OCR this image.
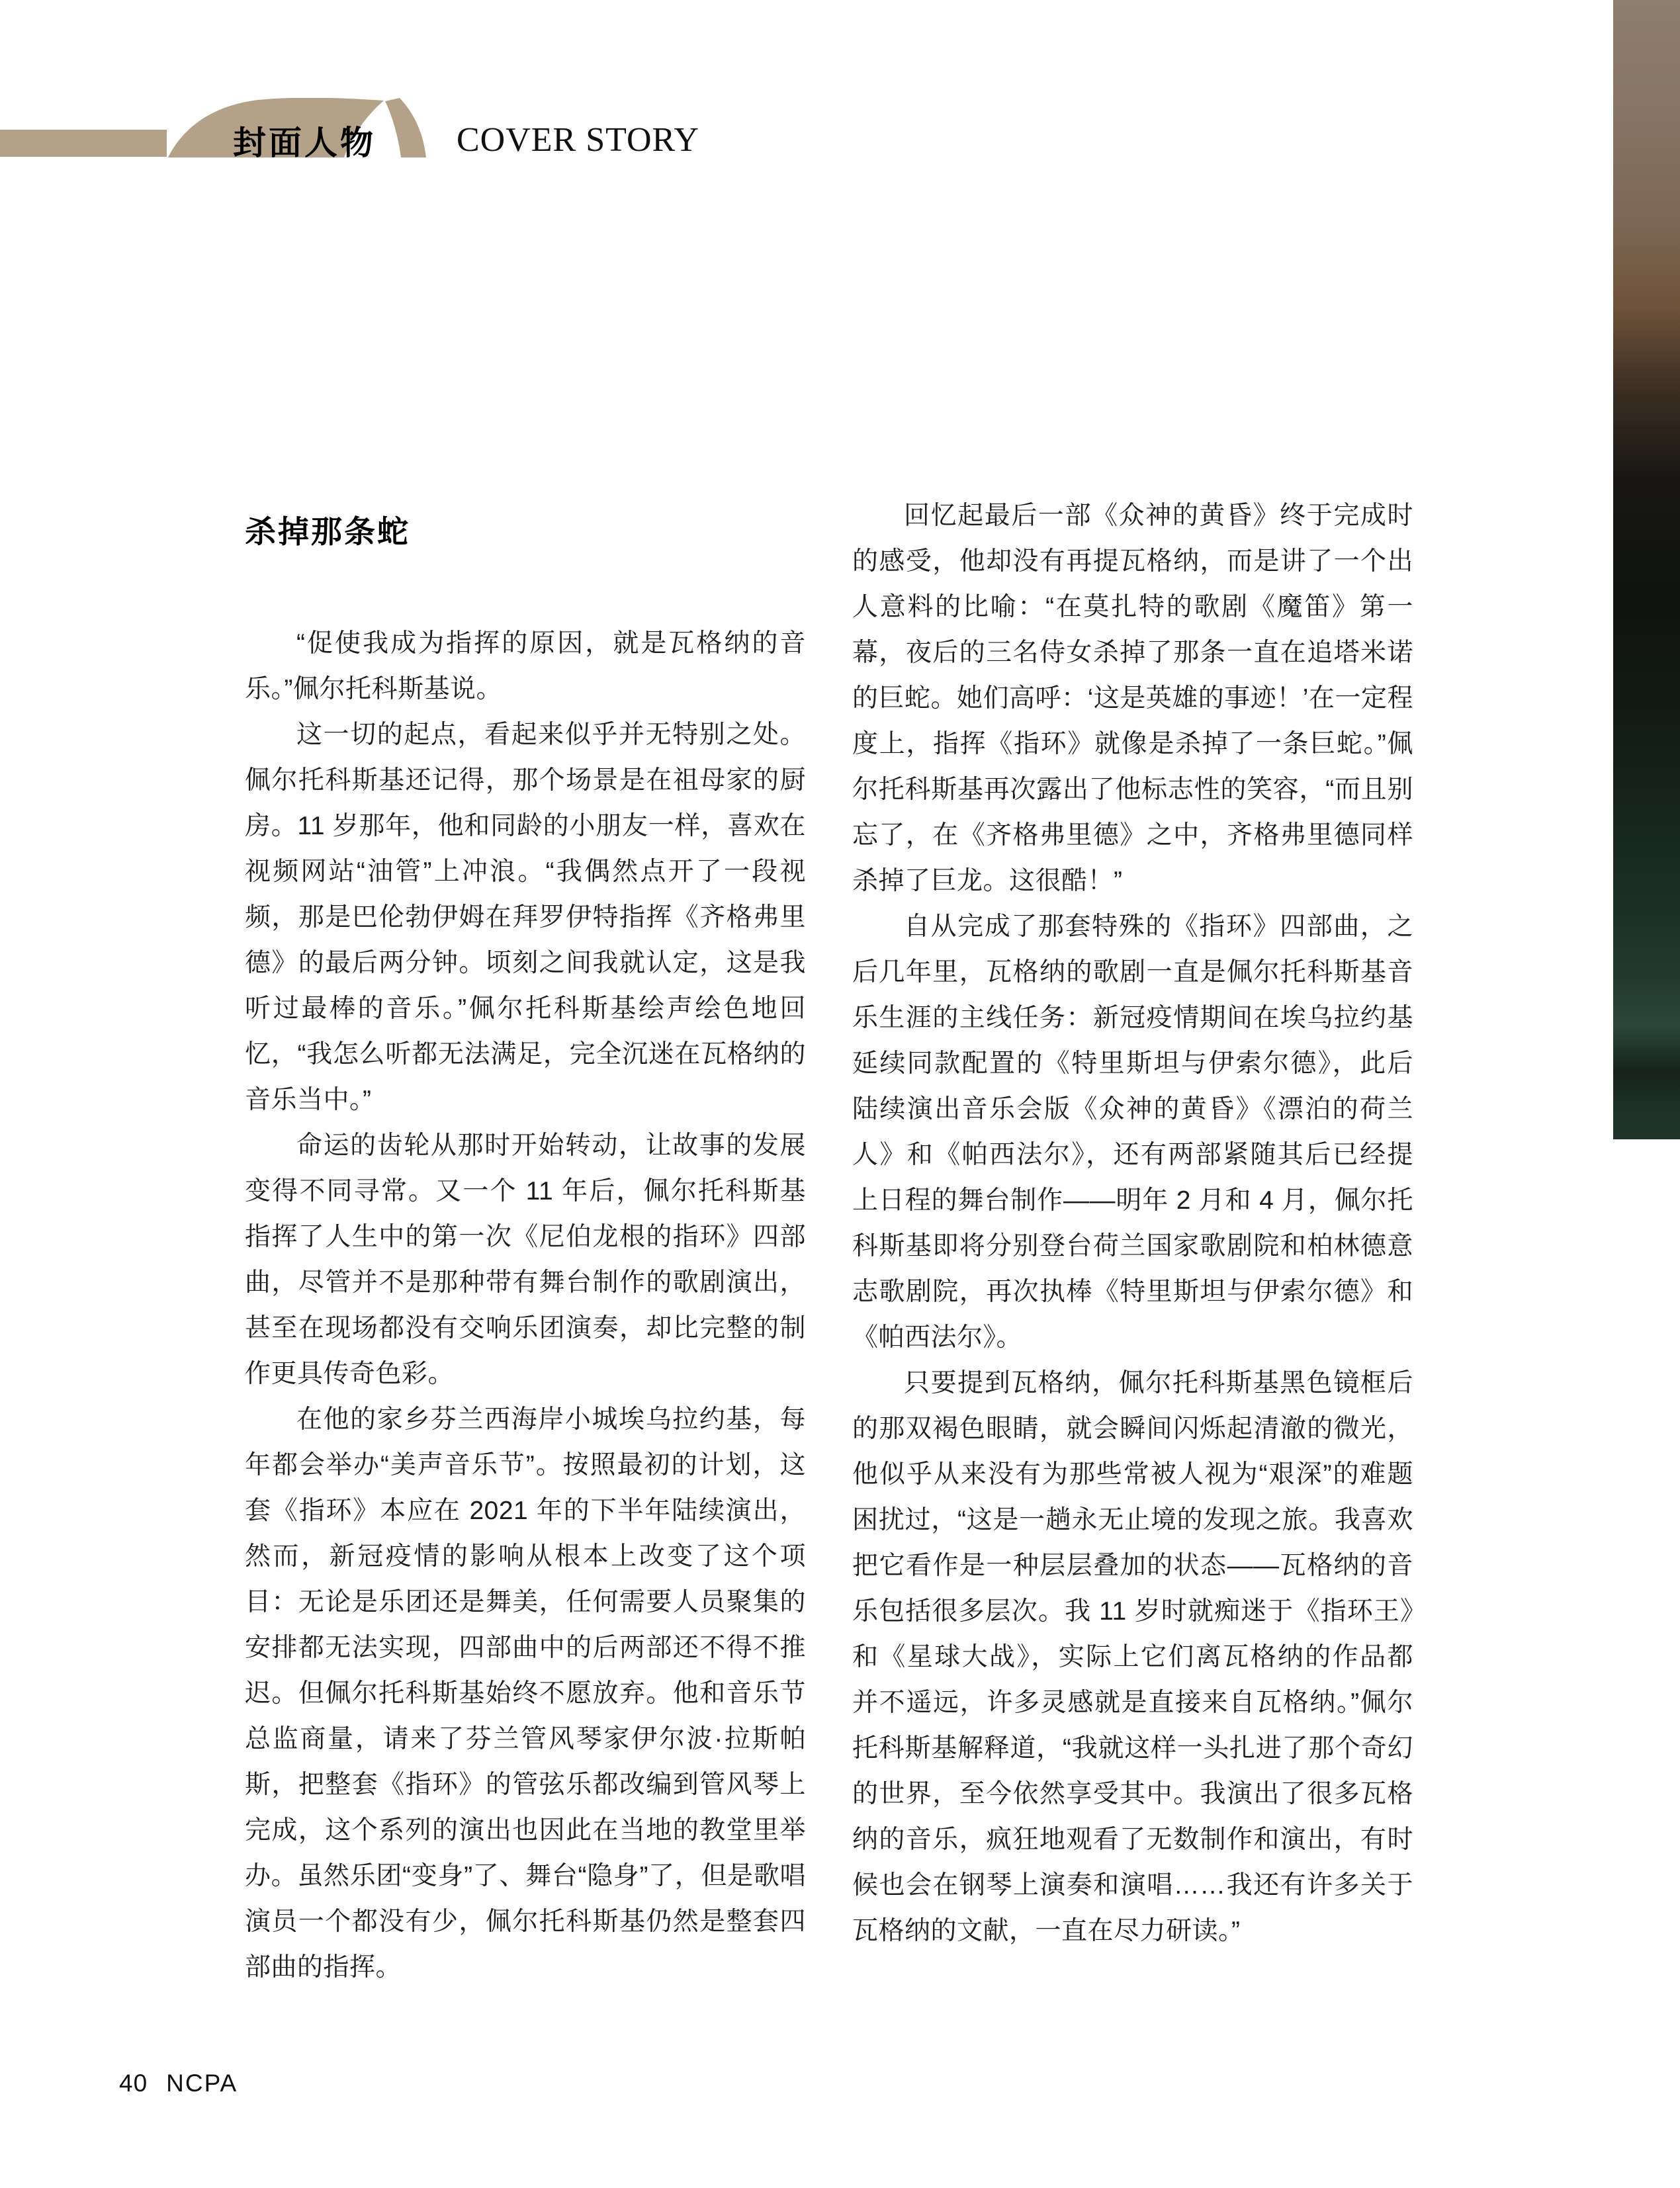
封面人物 COVER STORY
杀掉那条蛇

“促使我成为指挥的原因，就是瓦格纳的音乐。”佩尔托科斯基说。

这一切的起点，看起来似乎并无特别之处。佩尔托科斯基还记得，那个场景是在祖母家的厨房。11 岁那年，他和同龄的小朋友一样，喜欢在视频网站“油管”上冲浪。“我偶然点开了一段视频，那是巴伦勃伊姆在拜罗伊特指挥《齐格弗里德》的最后两分钟。顷刻之间我就认定，这是我听过最棒的音乐。”佩尔托科斯基绘声绘色地回忆，“我怎么听都无法满足，完全沉迷在瓦格纳的音乐当中。”

命运的齿轮从那时开始转动，让故事的发展变得不同寻常。又一个 11 年后，佩尔托科斯基指挥了人生中的第一次《尼伯龙根的指环》四部曲，尽管并不是那种带有舞台制作的歌剧演出，甚至在现场都没有交响乐团演奏，却比完整的制作更具传奇色彩。

在他的家乡芬兰西海岸小城埃乌拉约基，每年都会举办“美声音乐节”。按照最初的计划，这套《指环》本应在 2021 年的下半年陆续演出，然而，新冠疫情的影响从根本上改变了这个项目：无论是乐团还是舞美，任何需要人员聚集的安排都无法实现，四部曲中的后两部还不得不推迟。但佩尔托科斯基始终不愿放弃。他和音乐节总监商量，请来了芬兰管风琴家伊尔波·拉斯帕斯，把整套《指环》的管弦乐都改编到管风琴上完成，这个系列的演出也因此在当地的教堂里举办。虽然乐团“变身”了、舞台“隐身”了，但是歌唱演员一个都没有少，佩尔托科斯基仍然是整套四部曲的指挥。

回忆起最后一部《众神的黄昏》终于完成时的感受，他却没有再提瓦格纳，而是讲了一个出人意料的比喻：“在莫扎特的歌剧《魔笛》第一幕，夜后的三名侍女杀掉了那条一直在追塔米诺的巨蛇。她们高呼：‘这是英雄的事迹！’在一定程度上，指挥《指环》就像是杀掉了一条巨蛇。”佩尔托科斯基再次露出了他标志性的笑容，“而且别忘了，在《齐格弗里德》之中，齐格弗里德同样杀掉了巨龙。这很酷！”

自从完成了那套特殊的《指环》四部曲，之后几年里，瓦格纳的歌剧一直是佩尔托科斯基音乐生涯的主线任务：新冠疫情期间在埃乌拉约基延续同款配置的《特里斯坦与伊索尔德》，此后陆续演出音乐会版《众神的黄昏》《漂泊的荷兰人》和《帕西法尔》，还有两部紧随其后已经提上日程的舞台制作——明年 2 月和 4 月，佩尔托科斯基即将分别登台荷兰国家歌剧院和柏林德意志歌剧院，再次执棒《特里斯坦与伊索尔德》和《帕西法尔》。

只要提到瓦格纳，佩尔托科斯基黑色镜框后的那双褐色眼睛，就会瞬间闪烁起清澈的微光，他似乎从来没有为那些常被人视为“艰深”的难题困扰过，“这是一趟永无止境的发现之旅。我喜欢把它看作是一种层层叠加的状态——瓦格纳的音乐包括很多层次。我 11 岁时就痴迷于《指环王》和《星球大战》，实际上它们离瓦格纳的作品都并不遥远，许多灵感就是直接来自瓦格纳。”佩尔托科斯基解释道，“我就这样一头扎进了那个奇幻的世界，至今依然享受其中。我演出了很多瓦格纳的音乐，疯狂地观看了无数制作和演出，有时候也会在钢琴上演奏和演唱……我还有许多关于瓦格纳的文献，一直在尽力研读。”

40 NCPA
